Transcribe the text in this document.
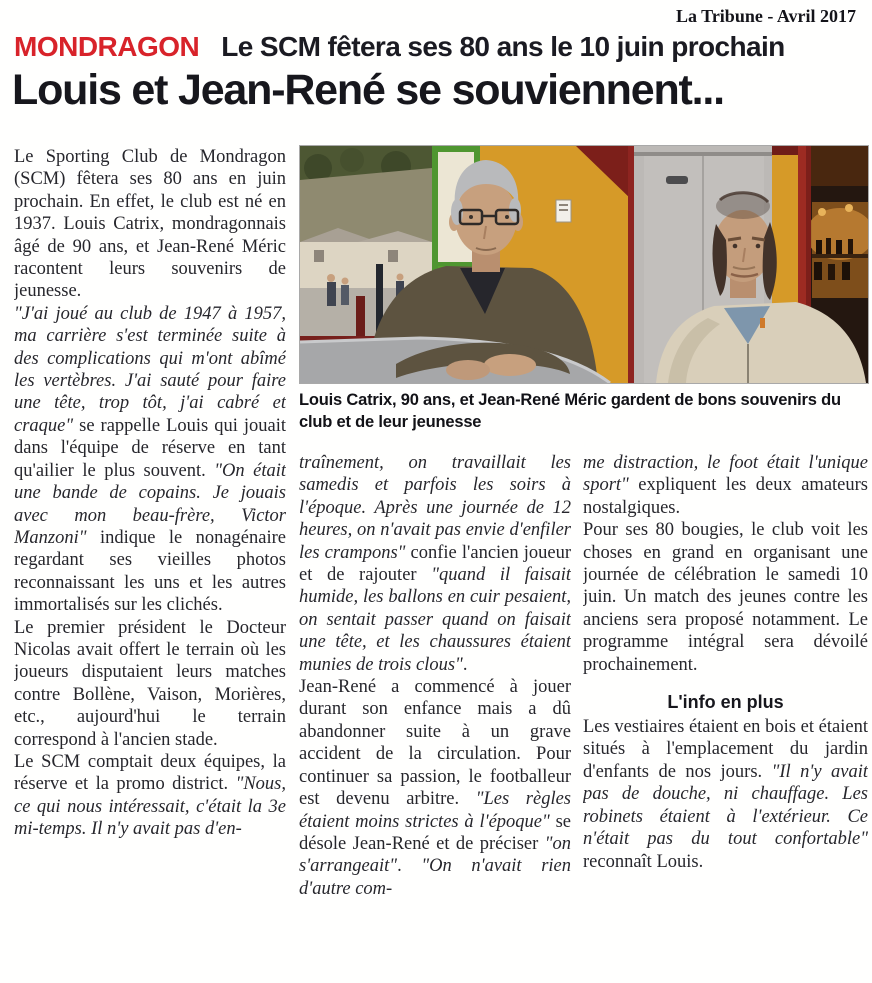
La Tribune - Avril 2017
MONDRAGON Le SCM fêtera ses 80 ans le 10 juin prochain
Louis et Jean-René se souviennent...

Le Sporting Club de Mondragon (SCM) fêtera ses 80 ans en juin prochain. En effet, le club est né en 1937. Louis Catrix, mondragonnais âgé de 90 ans, et Jean-René Méric racontent leurs souvenirs de jeunesse.

"J'ai joué au club de 1947 à 1957, ma carrière s'est terminée suite à des complications qui m'ont abîmé les vertèbres. J'ai sauté pour faire une tête, trop tôt, j'ai cabré et craque" se rappelle Louis qui jouait dans l'équipe de réserve en tant qu'ailier le plus souvent. "On était une bande de copains. Je jouais avec mon beau-frère, Victor Manzoni" indique le nonagénaire regardant ses vieilles photos reconnaissant les uns et les autres immortalisés sur les clichés.

Le premier président le Docteur Nicolas avait offert le terrain où les joueurs disputaient leurs matches contre Bollène, Vaison, Morières, etc., aujourd'hui le terrain correspond à l'ancien stade.

Le SCM comptait deux équipes, la réserve et la promo district. "Nous, ce qui nous intéressait, c'était la 3e mi-temps. Il n'y avait pas d'en-

Louis Catrix, 90 ans, et Jean-René Méric gardent de bons souvenirs du club et de leur jeunesse

traînement, on travaillait les samedis et parfois les soirs à l'époque. Après une journée de 12 heures, on n'avait pas envie d'enfiler les crampons" confie l'ancien joueur et de rajouter "quand il faisait humide, les ballons en cuir pesaient, on sentait passer quand on faisait une tête, et les chaussures étaient munies de trois clous".

Jean-René a commencé à jouer durant son enfance mais a dû abandonner suite à un grave accident de la circulation. Pour continuer sa passion, le footballeur est devenu arbitre. "Les règles étaient moins strictes à l'époque" se désole Jean-René et de préciser "on s'arrangeait". "On n'avait rien d'autre com-

me distraction, le foot était l'unique sport" expliquent les deux amateurs nostalgiques.

Pour ses 80 bougies, le club voit les choses en grand en organisant une journée de célébration le samedi 10 juin. Un match des jeunes contre les anciens sera proposé notamment. Le programme intégral sera dévoilé prochainement.

L'info en plus

Les vestiaires étaient en bois et étaient situés à l'emplacement du jardin d'enfants de nos jours. "Il n'y avait pas de douche, ni chauffage. Les robinets étaient à l'extérieur. Ce n'était pas du tout confortable" reconnaît Louis.
